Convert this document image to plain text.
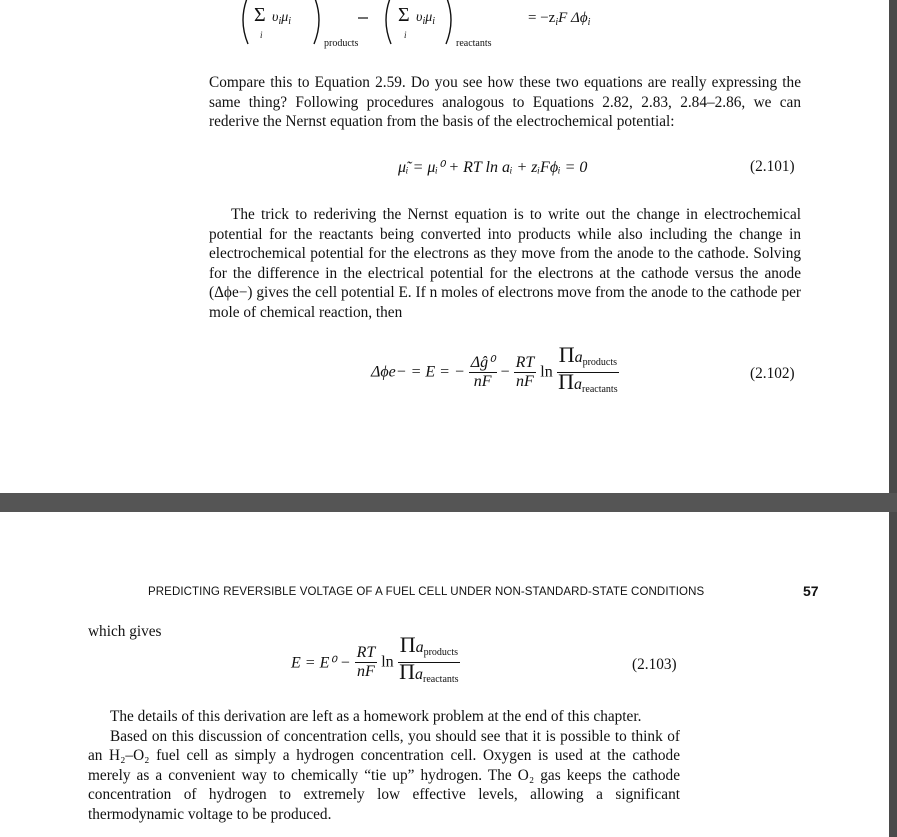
Σ $\upsilon_i\mu_i$
i
products
Σ $\upsilon_i\mu_i$
i
reactants
= $-z_iF$ $\Delta\phi_i$
Compare this to Equation 2.59. Do you see how these two equations are really expressing the same thing? Following procedures analogous to Equations 2.82, 2.83, 2.84–2.86, we can rederive the Nernst equation from the basis of the electrochemical potential:
μ̃ᵢ = μᵢ⁰ + RT ln aᵢ + zᵢFϕᵢ = 0	(2.101)
The trick to rederiving the Nernst equation is to write out the change in electrochemical potential for the reactants being converted into products while also including the change in electrochemical potential for the electrons as they move from the anode to the cathode. Solving for the difference in the electrical potential for the electrons at the cathode versus the anode (Δϕe−) gives the cell potential E. If n moles of electrons move from the anode to the cathode per mole of chemical reaction, then
Δϕe− = E = − $\frac{\text{Δĝ⁰}}{nF} - \frac{RT}{nF}$ $\ln \frac{\Pi a_{products}}{\Pi a_{reactants}}$	(2.102)
PREDICTING REVERSIBLE VOLTAGE OF A FUEL CELL UNDER NON-STANDARD-STATE CONDITIONS	57
which gives
$E = E^0 - \frac{RT}{nF}$ $\ln \frac{\Pi a_{products}}{\Pi a_{reactants}}$	(2.103)
The details of this derivation are left as a homework problem at the end of this chapter.
Based on this discussion of concentration cells, you should see that it is possible to think of an H₂–O₂ fuel cell as simply a hydrogen concentration cell. Oxygen is used at the cathode merely as a convenient way to chemically “tie up” hydrogen. The O₂ gas keeps the cathode concentration of hydrogen to extremely low effective levels, allowing a significant thermodynamic voltage to be produced.
